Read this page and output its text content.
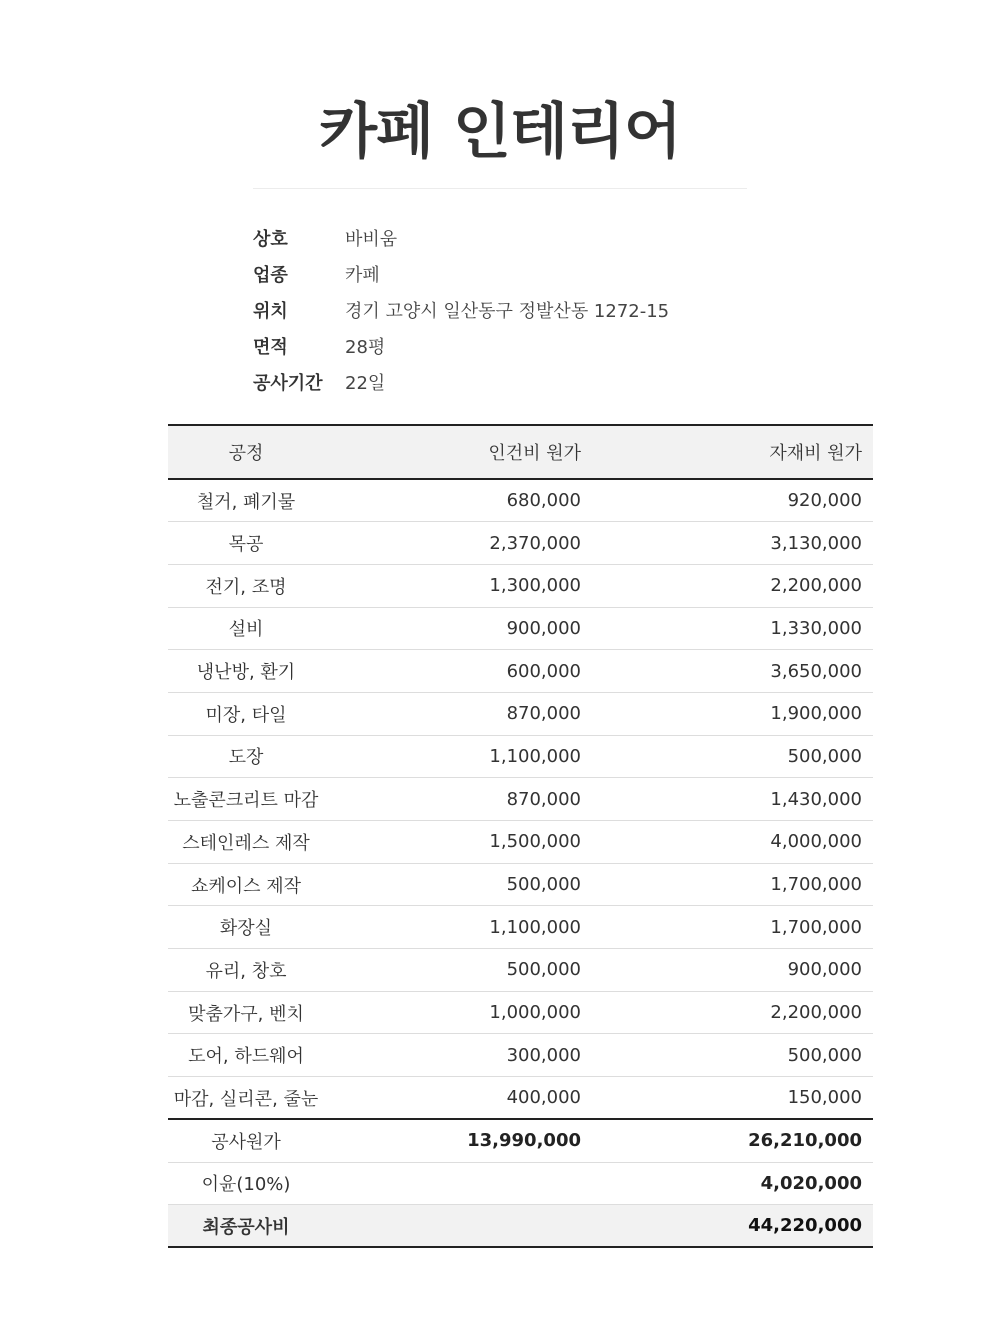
카페 인테리어
상호	바비움
업종	카페
위치	경기 고양시 일산동구 정발산동 1272-15
면적	28평
공사기간	22일
공정	인건비 원가	자재비 원가
철거, 폐기물	680,000	920,000
목공	2,370,000	3,130,000
전기, 조명	1,300,000	2,200,000
설비	900,000	1,330,000
냉난방, 환기	600,000	3,650,000
미장, 타일	870,000	1,900,000
도장	1,100,000	500,000
노출콘크리트 마감	870,000	1,430,000
스테인레스 제작	1,500,000	4,000,000
쇼케이스 제작	500,000	1,700,000
화장실	1,100,000	1,700,000
유리, 창호	500,000	900,000
맞춤가구, 벤치	1,000,000	2,200,000
도어, 하드웨어	300,000	500,000
마감, 실리콘, 줄눈	400,000	150,000
공사원가	13,990,000	26,210,000
이윤(10%)		4,020,000
최종공사비		44,220,000
